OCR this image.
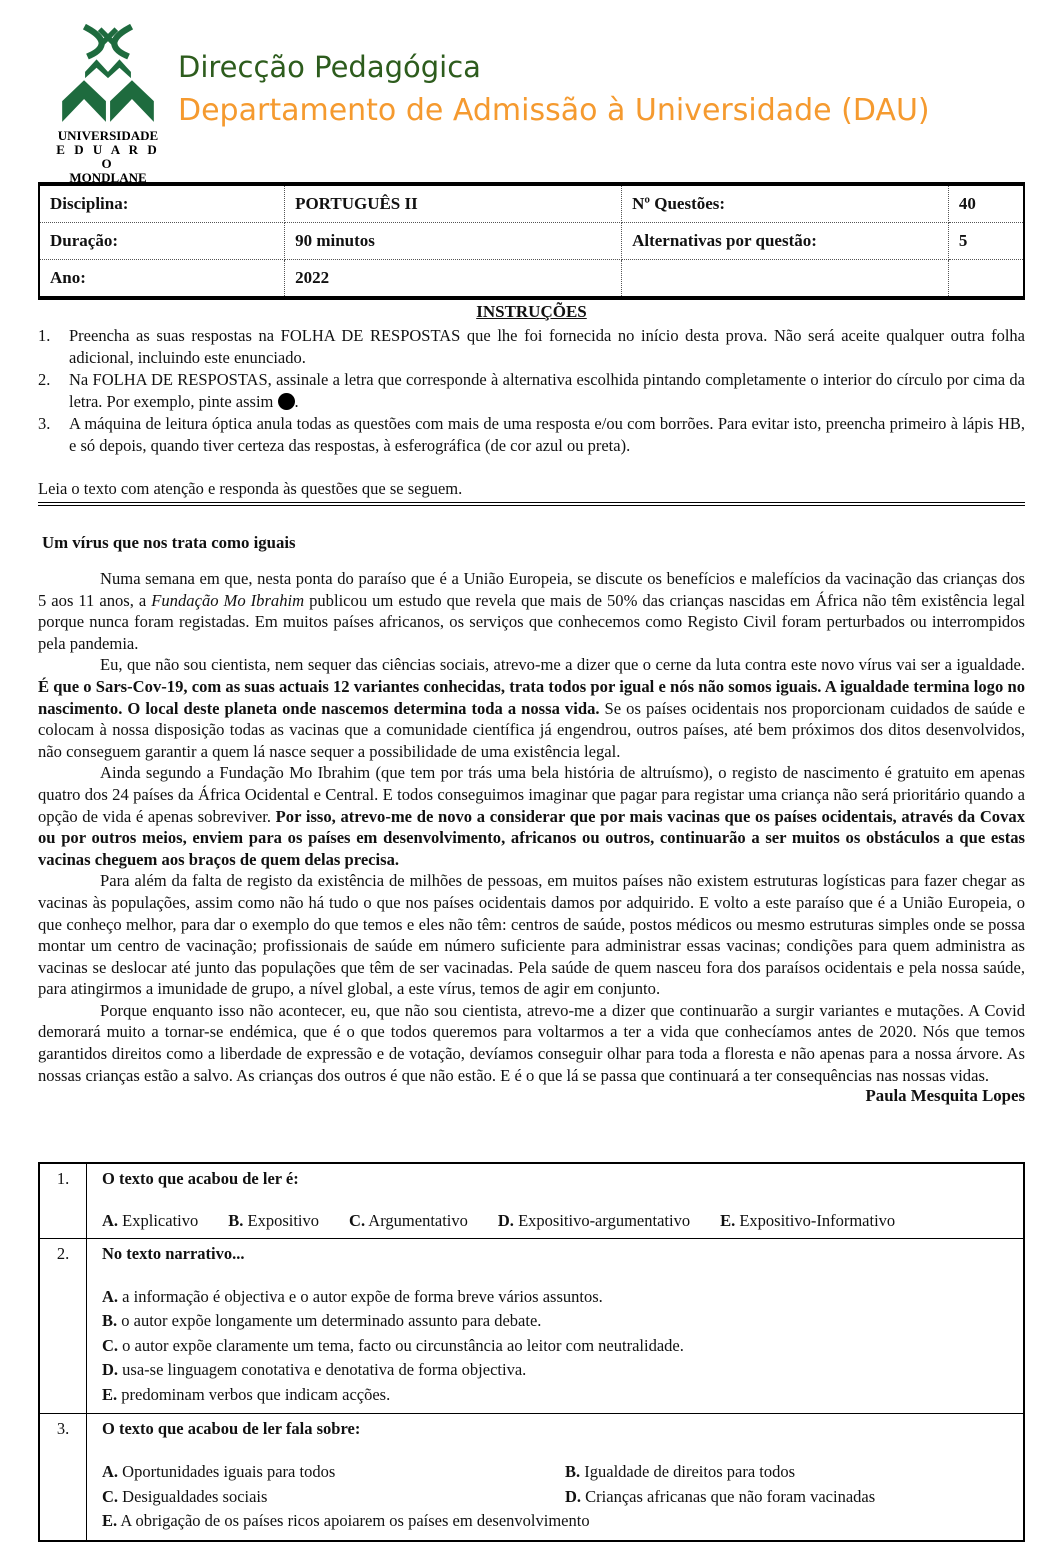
UNIVERSIDADE
E D U A R D O
MONDLANE
Direcção Pedagógica
Departamento de Admissão à Universidade (DAU)
Disciplina:	PORTUGUÊS II	Nº Questões:	40
Duração:	90 minutos	Alternativas por questão:	5
Ano:	2022		
INSTRUÇÕES
1.	Preencha as suas respostas na FOLHA DE RESPOSTAS que lhe foi fornecida no início desta prova. Não será aceite qualquer outra folha adicional, incluindo este enunciado.
2.	Na FOLHA DE RESPOSTAS, assinale a letra que corresponde à alternativa escolhida pintando completamente o interior do círculo por cima da letra. Por exemplo, pinte assim .
3.	A máquina de leitura óptica anula todas as questões com mais de uma resposta e/ou com borrões. Para evitar isto, preencha primeiro à lápis HB, e só depois, quando tiver certeza das respostas, à esferográfica (de cor azul ou preta).
Leia o texto com atenção e responda às questões que se seguem.
Um vírus que nos trata como iguais

Numa semana em que, nesta ponta do paraíso que é a União Europeia, se discute os benefícios e malefícios da vacinação das crianças dos 5 aos 11 anos, a Fundação Mo Ibrahim publicou um estudo que revela que mais de 50% das crianças nascidas em África não têm existência legal porque nunca foram registadas. Em muitos países africanos, os serviços que conhecemos como Registo Civil foram perturbados ou interrompidos pela pandemia.

Eu, que não sou cientista, nem sequer das ciências sociais, atrevo-me a dizer que o cerne da luta contra este novo vírus vai ser a igualdade. É que o Sars-Cov-19, com as suas actuais 12 variantes conhecidas, trata todos por igual e nós não somos iguais. A igualdade termina logo no nascimento. O local deste planeta onde nascemos determina toda a nossa vida. Se os países ocidentais nos proporcionam cuidados de saúde e colocam à nossa disposição todas as vacinas que a comunidade científica já engendrou, outros países, até bem próximos dos ditos desenvolvidos, não conseguem garantir a quem lá nasce sequer a possibilidade de uma existência legal.

Ainda segundo a Fundação Mo Ibrahim (que tem por trás uma bela história de altruísmo), o registo de nascimento é gratuito em apenas quatro dos 24 países da África Ocidental e Central. E todos conseguimos imaginar que pagar para registar uma criança não será prioritário quando a opção de vida é apenas sobreviver. Por isso, atrevo-me de novo a considerar que por mais vacinas que os países ocidentais, através da Covax ou por outros meios, enviem para os países em desenvolvimento, africanos ou outros, continuarão a ser muitos os obstáculos a que estas vacinas cheguem aos braços de quem delas precisa.

Para além da falta de registo da existência de milhões de pessoas, em muitos países não existem estruturas logísticas para fazer chegar as vacinas às populações, assim como não há tudo o que nos países ocidentais damos por adquirido. E volto a este paraíso que é a União Europeia, o que conheço melhor, para dar o exemplo do que temos e eles não têm: centros de saúde, postos médicos ou mesmo estruturas simples onde se possa montar um centro de vacinação; profissionais de saúde em número suficiente para administrar essas vacinas; condições para quem administra as vacinas se deslocar até junto das populações que têm de ser vacinadas. Pela saúde de quem nasceu fora dos paraísos ocidentais e pela nossa saúde, para atingirmos a imunidade de grupo, a nível global, a este vírus, temos de agir em conjunto.

Porque enquanto isso não acontecer, eu, que não sou cientista, atrevo-me a dizer que continuarão a surgir variantes e mutações. A Covid demorará muito a tornar-se endémica, que é o que todos queremos para voltarmos a ter a vida que conhecíamos antes de 2020. Nós que temos garantidos direitos como a liberdade de expressão e de votação, devíamos conseguir olhar para toda a floresta e não apenas para a nossa árvore. As nossas crianças estão a salvo. As crianças dos outros é que não estão. E é o que lá se passa que continuará a ter consequências nas nossas vidas.

Paula Mesquita Lopes
1.	O texto que acabou de ler é:
A. Explicativo B. Expositivo C. Argumentativo D. Expositivo-argumentativo E. Expositivo-Informativo

2.	No texto narrativo...
A. a informação é objectiva e o autor expõe de forma breve vários assuntos.
B. o autor expõe longamente um determinado assunto para debate.
C. o autor expõe claramente um tema, facto ou circunstância ao leitor com neutralidade.
D. usa-se linguagem conotativa e denotativa de forma objectiva.
E. predominam verbos que indicam acções.

3.	O texto que acabou de ler fala sobre:
A. Oportunidades iguais para todos	B. Igualdade de direitos para todos
C. Desigualdades sociais	D. Crianças africanas que não foram vacinadas
E. A obrigação de os países ricos apoiarem os países em desenvolvimento
